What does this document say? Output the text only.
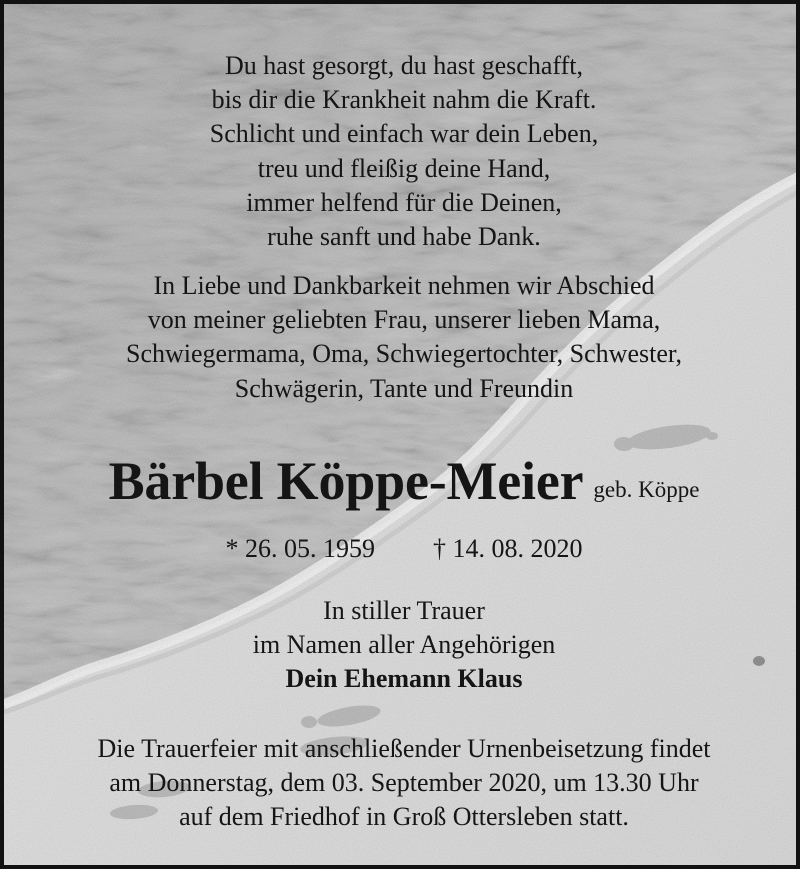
Du hast gesorgt, du hast geschafft,
bis dir die Krankheit nahm die Kraft.
Schlicht und einfach war dein Leben,
treu und fleißig deine Hand,
immer helfend für die Deinen,
ruhe sanft und habe Dank.
In Liebe und Dankbarkeit nehmen wir Abschied
von meiner geliebten Frau, unserer lieben Mama,
Schwiegermama, Oma, Schwiegertochter, Schwester,
Schwägerin, Tante und Freundin
Bärbel Köppe-Meier geb. Köppe
* 26. 05. 1959 † 14. 08. 2020
In stiller Trauer
im Namen aller Angehörigen
Dein Ehemann Klaus
Die Trauerfeier mit anschließender Urnenbeisetzung findet
am Donnerstag, dem 03. September 2020, um 13.30 Uhr
auf dem Friedhof in Groß Ottersleben statt.
